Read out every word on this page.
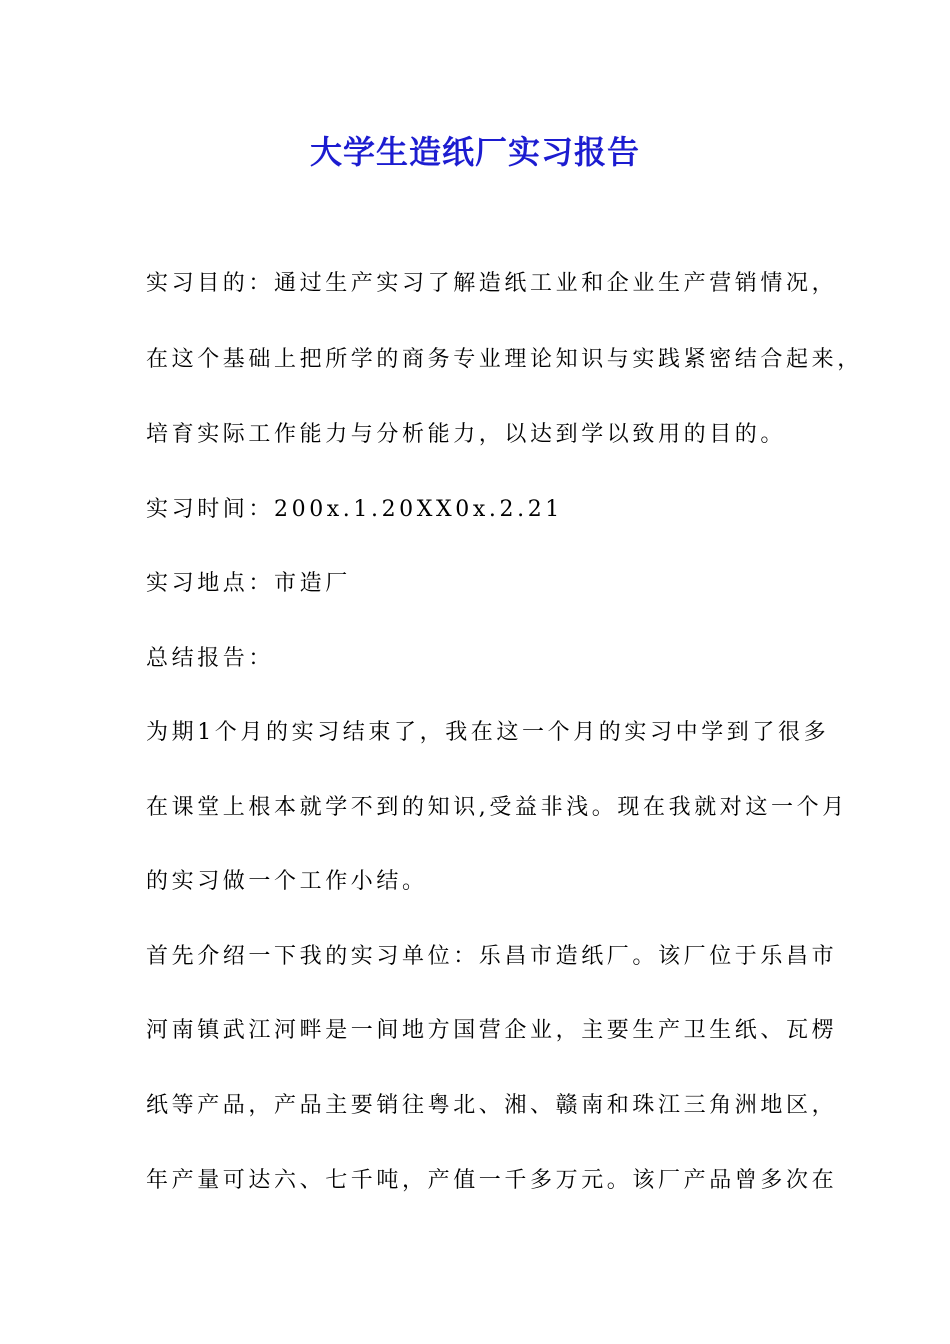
大学生造纸厂实习报告

实习目的：通过生产实习了解造纸工业和企业生产营销情况，

在这个基础上把所学的商务专业理论知识与实践紧密结合起来，

培育实际工作能力与分析能力，以达到学以致用的目的。

实习时间：200x.1.20XX0x.2.21

实习地点：市造厂

总结报告：

为期1个月的实习结束了，我在这一个月的实习中学到了很多

在课堂上根本就学不到的知识,受益非浅。现在我就对这一个月

的实习做一个工作小结。

首先介绍一下我的实习单位：乐昌市造纸厂。该厂位于乐昌市

河南镇武江河畔是一间地方国营企业，主要生产卫生纸、瓦楞

纸等产品，产品主要销往粤北、湘、赣南和珠江三角洲地区，

年产量可达六、七千吨，产值一千多万元。该厂产品曾多次在
